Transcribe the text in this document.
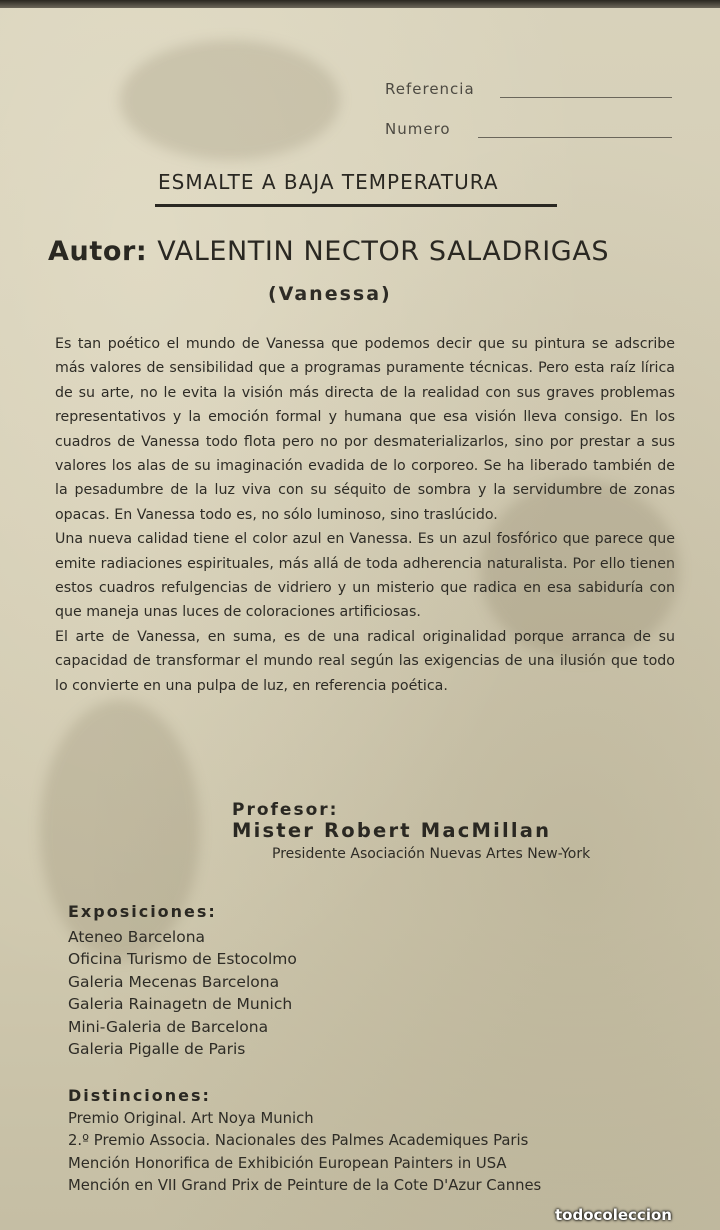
Referencia
Numero
ESMALTE A BAJA TEMPERATURA
Autor: VALENTIN NECTOR SALADRIGAS
(Vanessa)

Es tan poético el mundo de Vanessa que podemos decir que su pintura se adscribe más valores de sensibilidad que a programas puramente técnicas. Pero esta raíz lírica de su arte, no le evita la visión más directa de la realidad con sus graves problemas representativos y la emoción formal y humana que esa visión lleva consigo. En los cuadros de Vanessa todo flota pero no por desmaterializarlos, sino por prestar a sus valores los alas de su imaginación evadida de lo corporeo. Se ha liberado también de la pesadumbre de la luz viva con su séquito de sombra y la servidumbre de zonas opacas. En Vanessa todo es, no sólo luminoso, sino traslúcido.

Una nueva calidad tiene el color azul en Vanessa. Es un azul fosfórico que parece que emite radiaciones espirituales, más allá de toda adherencia naturalista. Por ello tienen estos cuadros refulgencias de vidriero y un misterio que radica en esa sabiduría con que maneja unas luces de coloraciones artificiosas.

El arte de Vanessa, en suma, es de una radical originalidad porque arranca de su capacidad de transformar el mundo real según las exigencias de una ilusión que todo lo convierte en una pulpa de luz, en referencia poética.

Profesor:
Mister Robert MacMillan
Presidente Asociación Nuevas Artes New-York
Exposiciones:
Ateneo Barcelona
Oficina Turismo de Estocolmo
Galeria Mecenas Barcelona
Galeria Rainagetn de Munich
Mini-Galeria de Barcelona
Galeria Pigalle de Paris
Distinciones:
Premio Original. Art Noya Munich
2.º Premio Associa. Nacionales des Palmes Academiques Paris
Mención Honorifica de Exhibición European Painters in USA
Mención en VII Grand Prix de Peinture de la Cote D'Azur Cannes
todocoleccion
